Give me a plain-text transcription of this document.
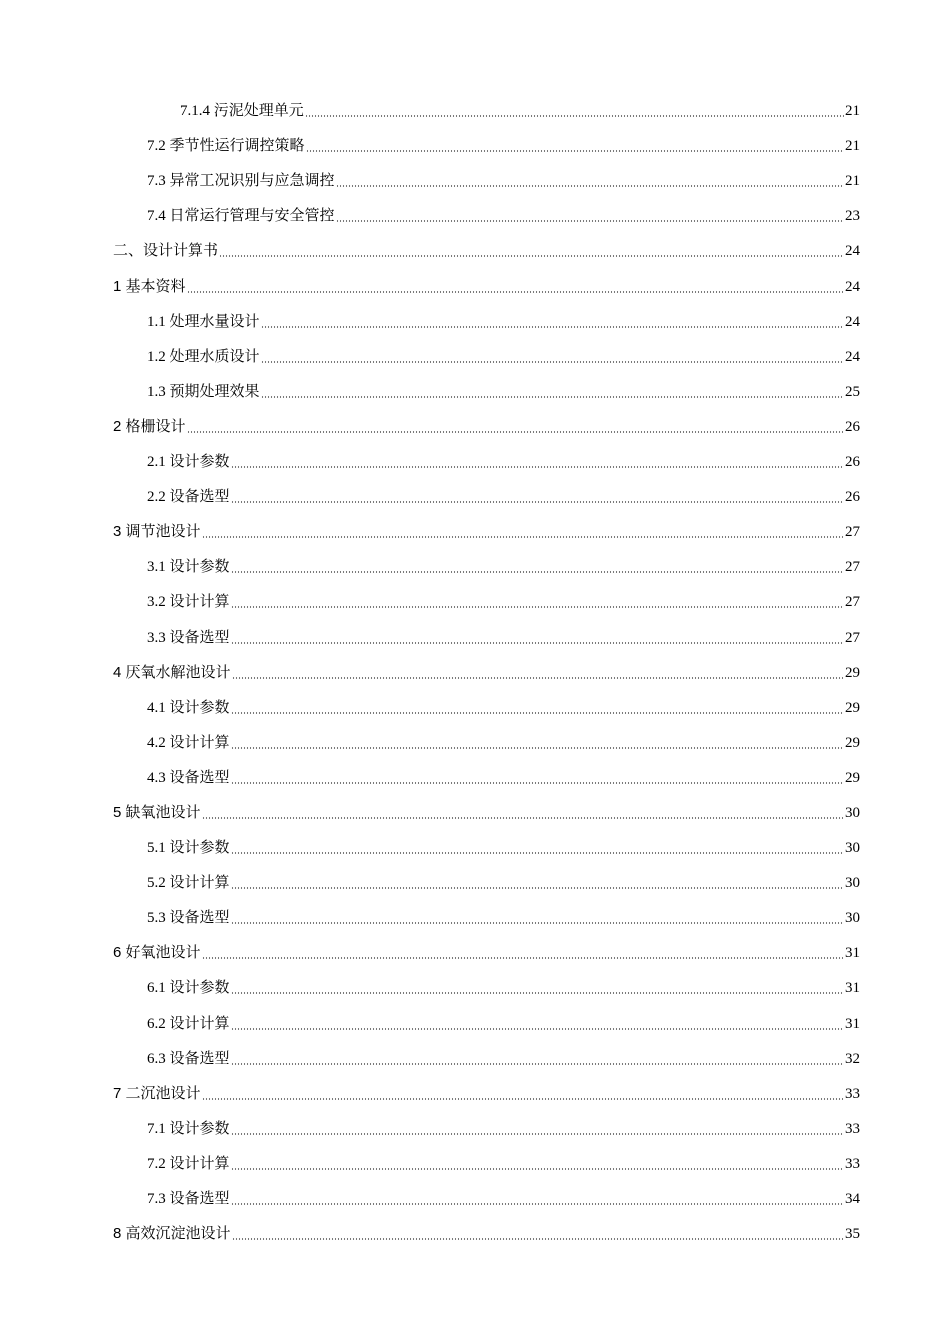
7.1.4 污泥处理单元	21
7.2 季节性运行调控策略	21
7.3 异常工况识别与应急调控	21
7.4 日常运行管理与安全管控	23
二、设计计算书	24
1 基本资料	24
1.1 处理水量设计	24
1.2 处理水质设计	24
1.3 预期处理效果	25
2 格栅设计	26
2.1 设计参数	26
2.2 设备选型	26
3 调节池设计	27
3.1 设计参数	27
3.2 设计计算	27
3.3 设备选型	27
4 厌氧水解池设计	29
4.1 设计参数	29
4.2 设计计算	29
4.3 设备选型	29
5 缺氧池设计	30
5.1 设计参数	30
5.2 设计计算	30
5.3 设备选型	30
6 好氧池设计	31
6.1 设计参数	31
6.2 设计计算	31
6.3 设备选型	32
7 二沉池设计	33
7.1 设计参数	33
7.2 设计计算	33
7.3 设备选型	34
8 高效沉淀池设计	35
